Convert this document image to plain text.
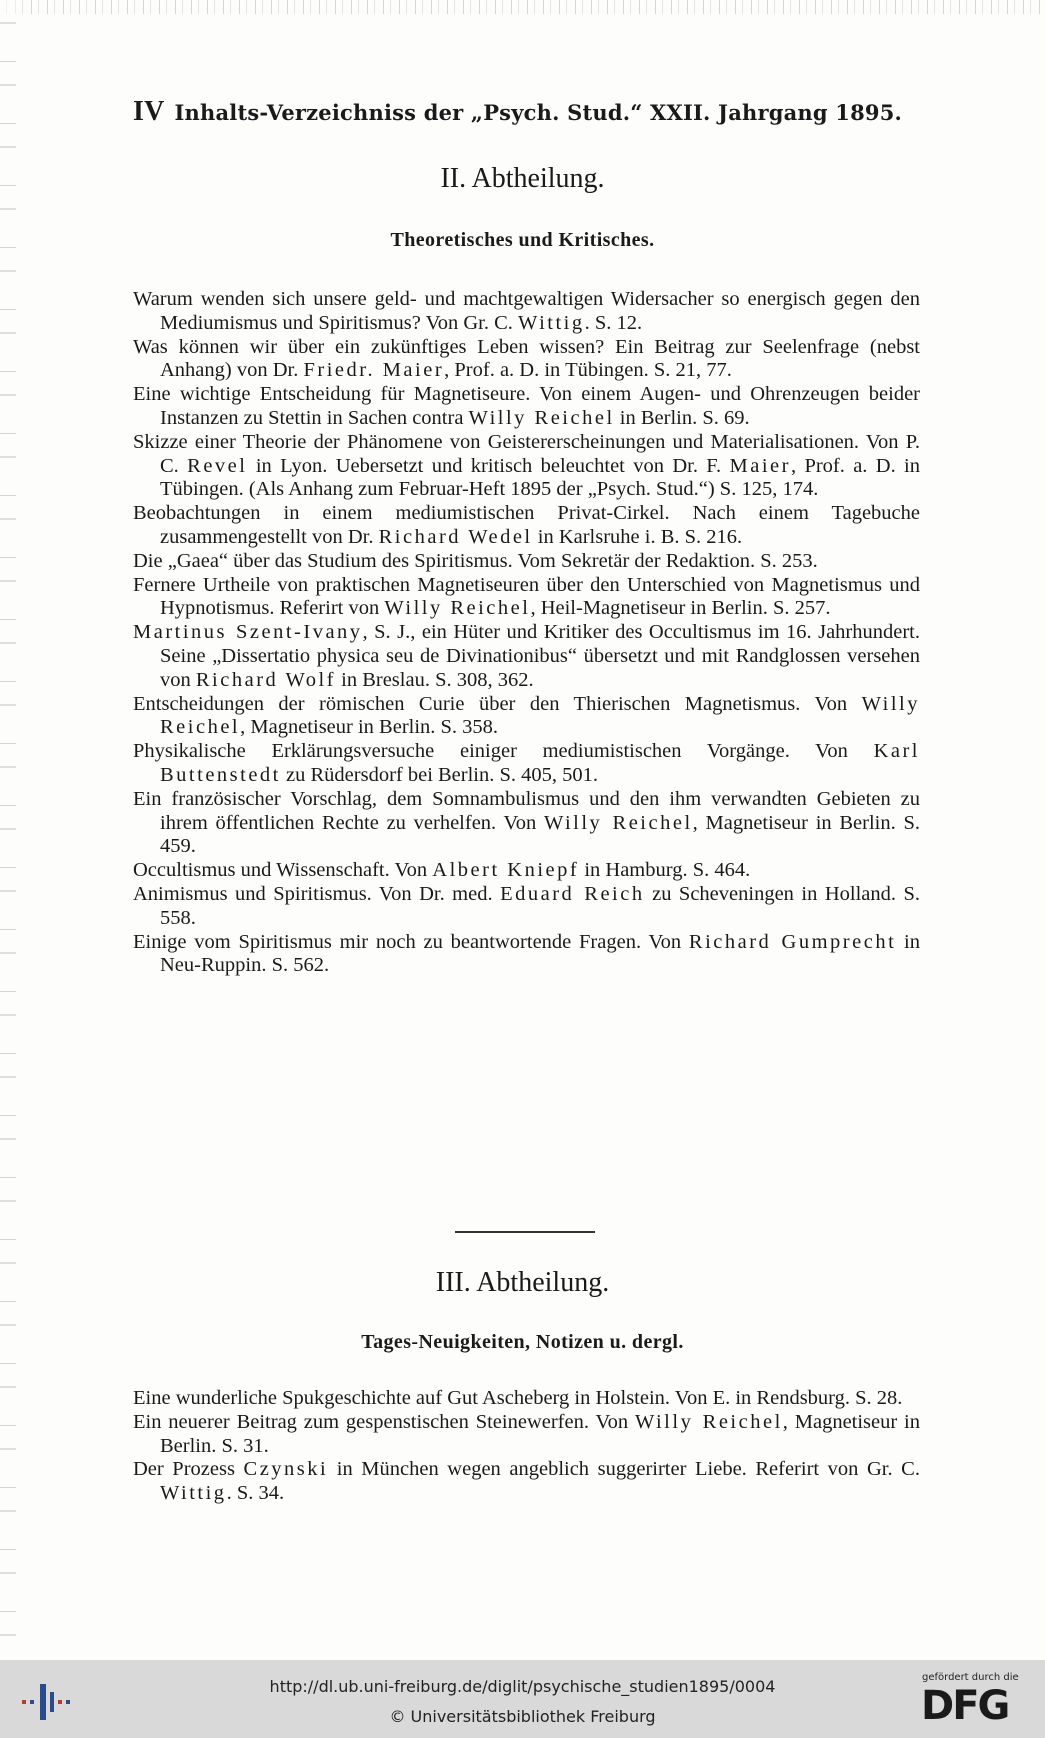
IV Inhalts-Verzeichniss der „Psych. Stud.“ XXII. Jahrgang 1895.
II. Abtheilung.
Theoretisches und Kritisches.

Warum wenden sich unsere geld- und machtgewaltigen Widersacher so energisch gegen den Mediumismus und Spiritismus? Von Gr. C. Wittig. S. 12.

Was können wir über ein zukünftiges Leben wissen? Ein Beitrag zur Seelenfrage (nebst Anhang) von Dr. Friedr. Maier, Prof. a. D. in Tübingen. S. 21, 77.

Eine wichtige Entscheidung für Magnetiseure. Von einem Augen- und Ohrenzeugen beider Instanzen zu Stettin in Sachen contra Willy Reichel in Berlin. S. 69.

Skizze einer Theorie der Phänomene von Geistererscheinungen und Materialisationen. Von P. C. Revel in Lyon. Uebersetzt und kritisch beleuchtet von Dr. F. Maier, Prof. a. D. in Tübingen. (Als Anhang zum Februar-Heft 1895 der „Psych. Stud.“) S. 125, 174.

Beobachtungen in einem mediumistischen Privat-Cirkel. Nach einem Tagebuche zusammengestellt von Dr. Richard Wedel in Karlsruhe i. B. S. 216.

Die „Gaea“ über das Studium des Spiritismus. Vom Sekretär der Redaktion. S. 253.

Fernere Urtheile von praktischen Magnetiseuren über den Unterschied von Magnetismus und Hypnotismus. Referirt von Willy Reichel, Heil-Magnetiseur in Berlin. S. 257.

Martinus Szent-Ivany, S. J., ein Hüter und Kritiker des Occultismus im 16. Jahrhundert. Seine „Dissertatio physica seu de Divinationibus“ übersetzt und mit Randglossen versehen von Richard Wolf in Breslau. S. 308, 362.

Entscheidungen der römischen Curie über den Thierischen Magnetismus. Von Willy Reichel, Magnetiseur in Berlin. S. 358.

Physikalische Erklärungsversuche einiger mediumistischen Vorgänge. Von Karl Buttenstedt zu Rüdersdorf bei Berlin. S. 405, 501.

Ein französischer Vorschlag, dem Somnambulismus und den ihm verwandten Gebieten zu ihrem öffentlichen Rechte zu verhelfen. Von Willy Reichel, Magnetiseur in Berlin. S. 459.

Occultismus und Wissenschaft. Von Albert Kniepf in Hamburg. S. 464.

Animismus und Spiritismus. Von Dr. med. Eduard Reich zu Scheveningen in Holland. S. 558.

Einige vom Spiritismus mir noch zu beantwortende Fragen. Von Richard Gumprecht in Neu-Ruppin. S. 562.

III. Abtheilung.
Tages-Neuigkeiten, Notizen u. dergl.

Eine wunderliche Spukgeschichte auf Gut Ascheberg in Holstein. Von E. in Rendsburg. S. 28.

Ein neuerer Beitrag zum gespenstischen Steinewerfen. Von Willy Reichel, Magnetiseur in Berlin. S. 31.

Der Prozess Czynski in München wegen angeblich suggerirter Liebe. Referirt von Gr. C. Wittig. S. 34.

http://dl.ub.uni-freiburg.de/diglit/psychische_studien1895/0004
© Universitätsbibliothek Freiburg
gefördert durch die
DFG
